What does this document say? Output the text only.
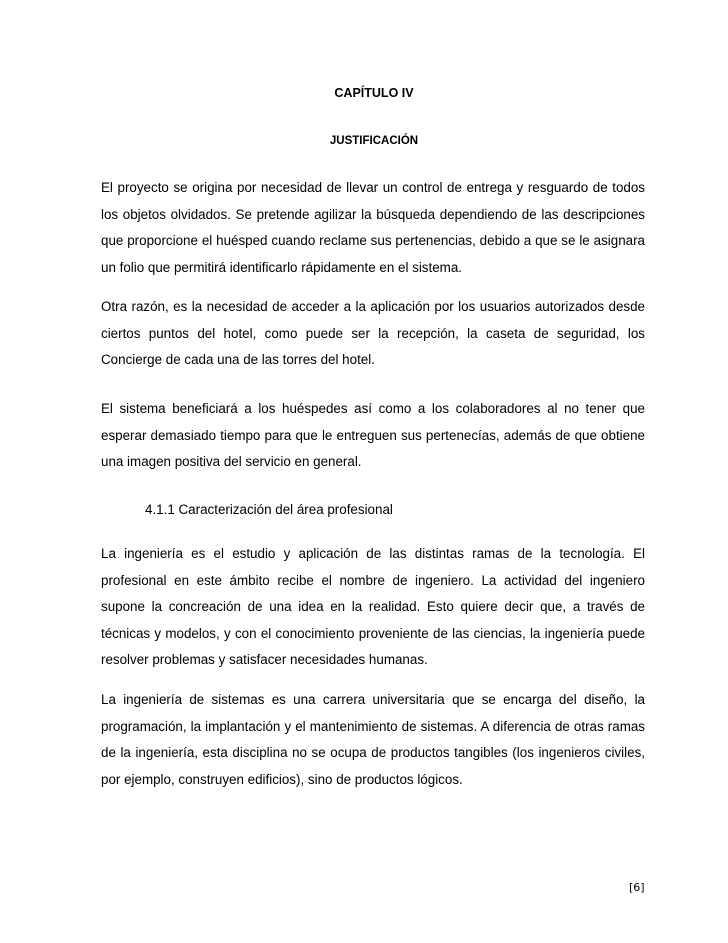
CAPÍTULO IV
JUSTIFICACIÓN

El proyecto se origina por necesidad de llevar un control de entrega y resguardo de todos los objetos olvidados. Se pretende agilizar la búsqueda dependiendo de las descripciones que proporcione el huésped cuando reclame sus pertenencias, debido a que se le asignara un folio que permitirá identificarlo rápidamente en el sistema.

Otra razón, es la necesidad de acceder a la aplicación por los usuarios autorizados desde ciertos puntos del hotel, como puede ser la recepción, la caseta de seguridad, los Concierge de cada una de las torres del hotel.

El sistema beneficiará a los huéspedes así como a los colaboradores al no tener que esperar demasiado tiempo para que le entreguen sus pertenecías, además de que obtiene una imagen positiva del servicio en general.

4.1.1 Caracterización del área profesional

La ingeniería es el estudio y aplicación de las distintas ramas de la tecnología. El profesional en este ámbito recibe el nombre de ingeniero. La actividad del ingeniero supone la concreación de una idea en la realidad. Esto quiere decir que, a través de técnicas y modelos, y con el conocimiento proveniente de las ciencias, la ingeniería puede resolver problemas y satisfacer necesidades humanas.

La ingeniería de sistemas es una carrera universitaria que se encarga del diseño, la programación, la implantación y el mantenimiento de sistemas. A diferencia de otras ramas de la ingeniería, esta disciplina no se ocupa de productos tangibles (los ingenieros civiles, por ejemplo, construyen edificios), sino de productos lógicos.

[6]
